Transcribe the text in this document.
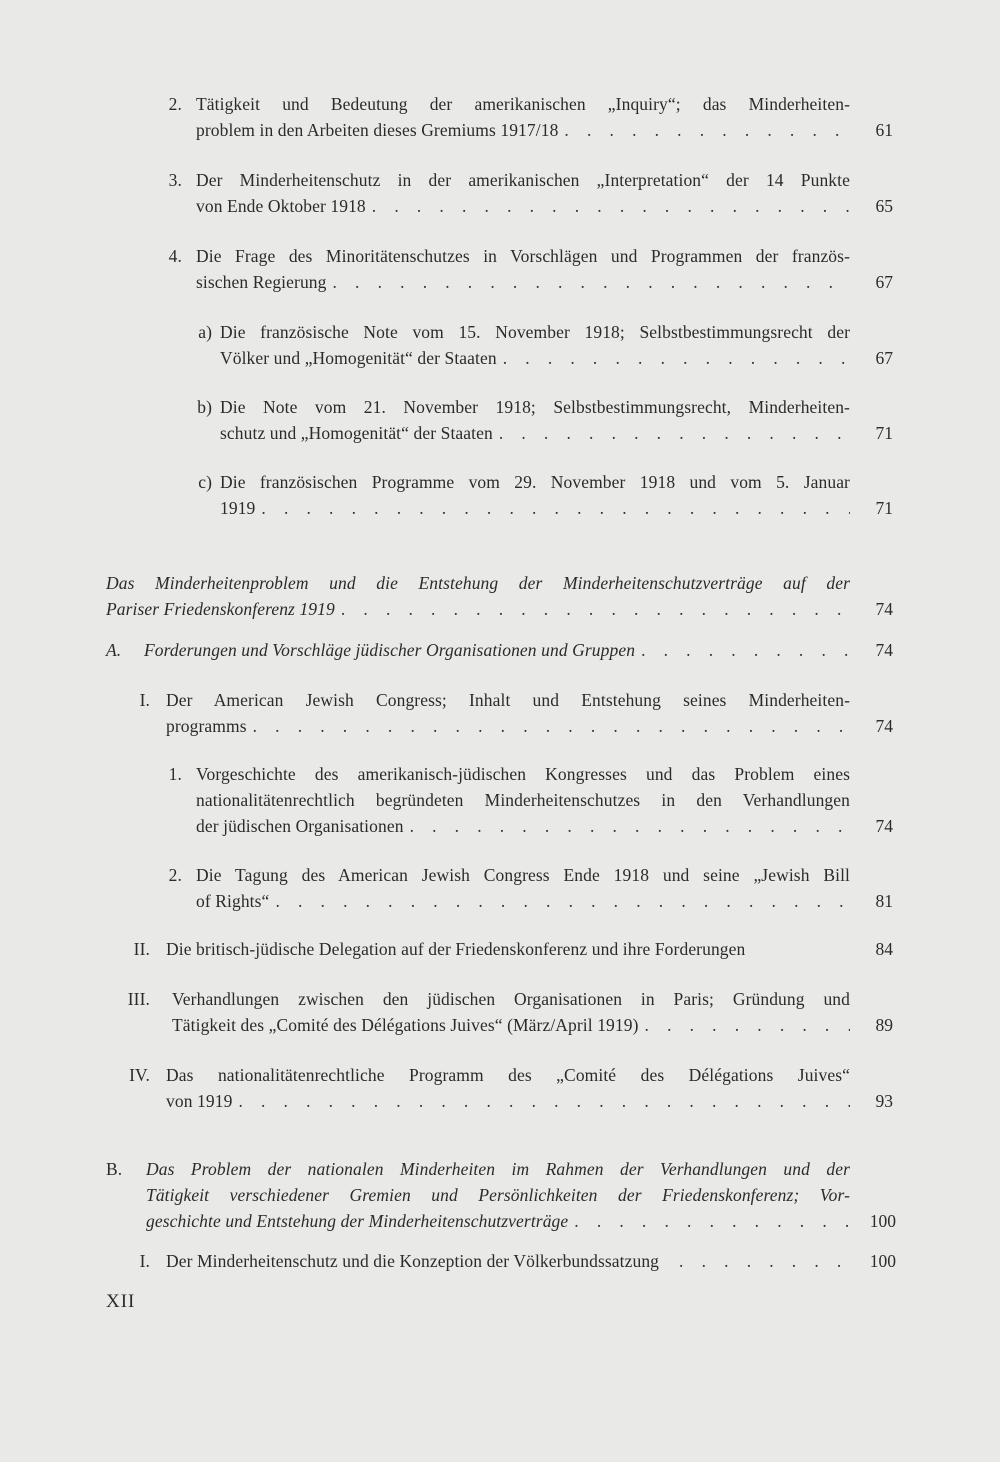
2. Tätigkeit und Bedeutung der amerikanischen „Inquiry“; das Minderheiten-
problem in den Arbeiten dieses Gremiums 1917/18 . . .	61
3. Der Minderheitenschutz in der amerikanischen „Interpretation“ der 14 Punkte
von Ende Oktober 1918 . . .	65
4. Die Frage des Minoritätenschutzes in Vorschlägen und Programmen der französ-
sischen Regierung . . .	67
a) Die französische Note vom 15. November 1918; Selbstbestimmungsrecht der
Völker und „Homogenität“ der Staaten . . .	67
b) Die Note vom 21. November 1918; Selbstbestimmungsrecht, Minderheiten-
schutz und „Homogenität“ der Staaten . . .	71
c) Die französischen Programme vom 29. November 1918 und vom 5. Januar
1919 . . .	71
Das Minderheitenproblem und die Entstehung der Minderheitenschutzverträge auf der
Pariser Friedenskonferenz 1919 . . .	74
A. Forderungen und Vorschläge jüdischer Organisationen und Gruppen . . .	74
I. Der American Jewish Congress; Inhalt und Entstehung seines Minderheiten-
programms . . .	74
1. Vorgeschichte des amerikanisch-jüdischen Kongresses und das Problem eines
nationalitätenrechtlich begründeten Minderheitenschutzes in den Verhandlungen
der jüdischen Organisationen . . .	74
2. Die Tagung des American Jewish Congress Ende 1918 und seine „Jewish Bill
of Rights“ . . .	81
II. Die britisch-jüdische Delegation auf der Friedenskonferenz und ihre Forderungen	84
III. Verhandlungen zwischen den jüdischen Organisationen in Paris; Gründung und
Tätigkeit des „Comité des Délégations Juives“ (März/April 1919) . . .	89
IV. Das nationalitätenrechtliche Programm des „Comité des Délégations Juives“
von 1919 . . .	93
B. Das Problem der nationalen Minderheiten im Rahmen der Verhandlungen und der
Tätigkeit verschiedener Gremien und Persönlichkeiten der Friedenskonferenz; Vor-
geschichte und Entstehung der Minderheitenschutzverträge . . .	100
I. Der Minderheitenschutz und die Konzeption der Völkerbundssatzung . . .	100
XII
